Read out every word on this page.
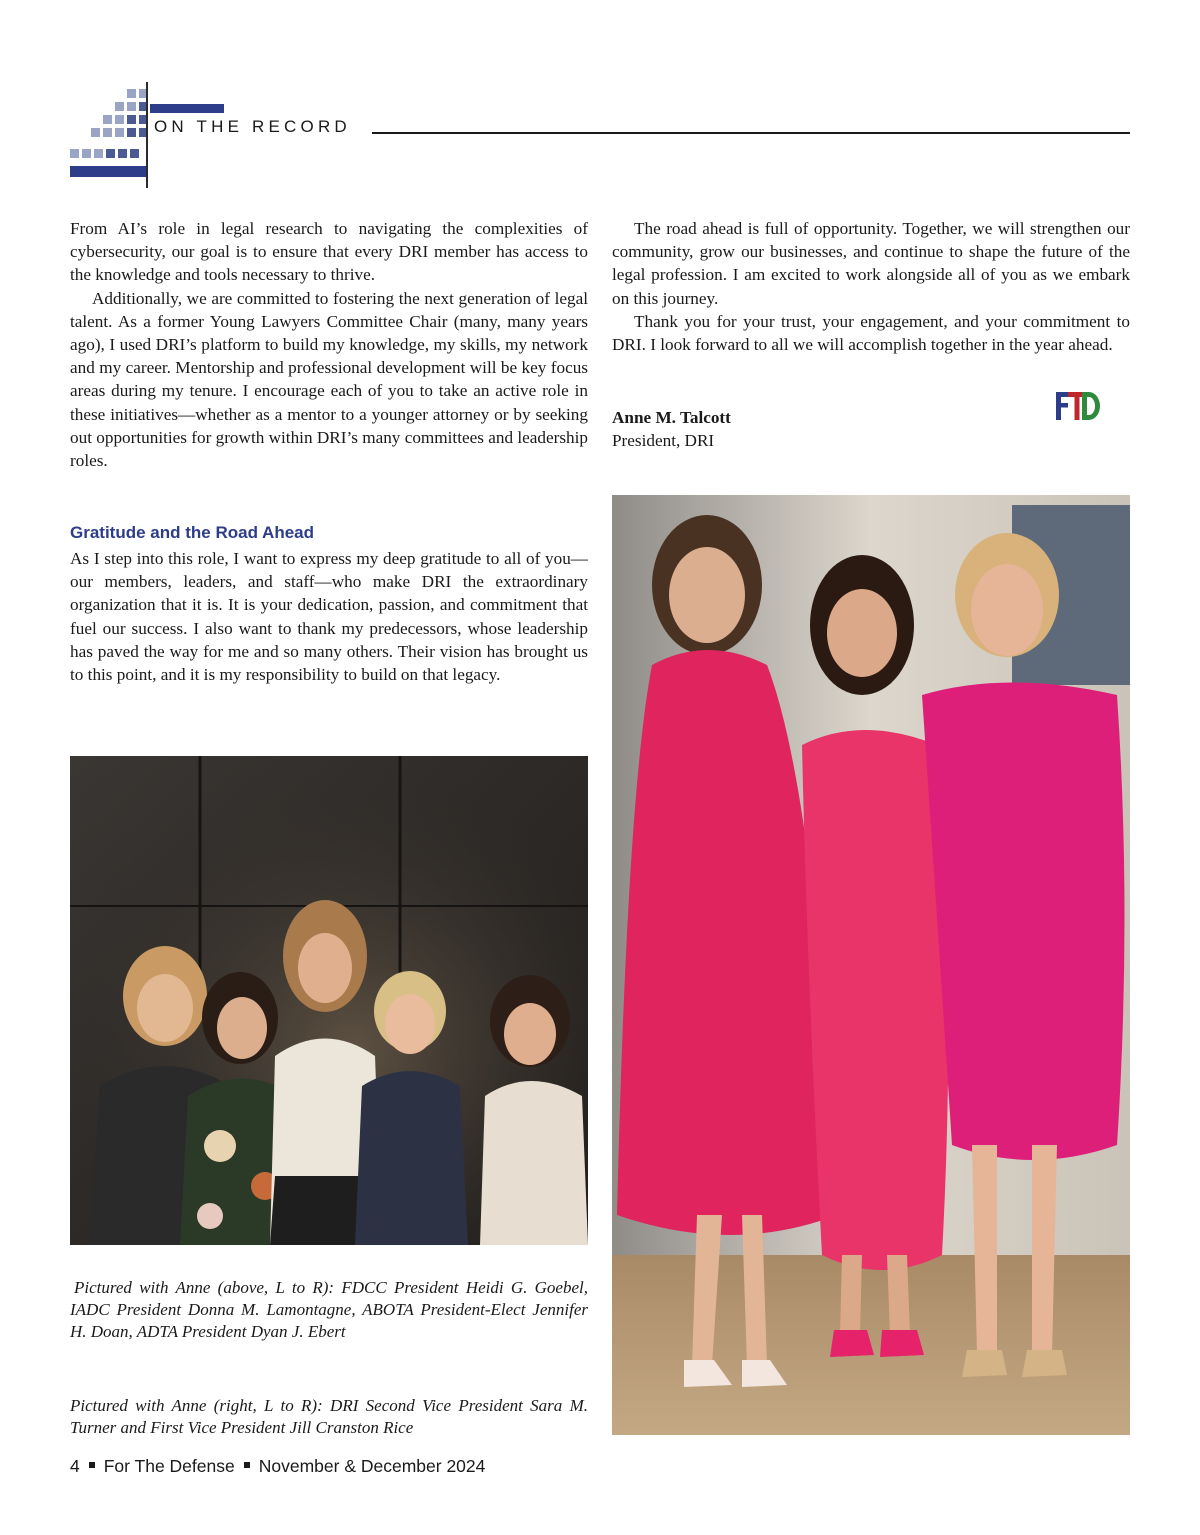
ON THE RECORD

From AI’s role in legal research to navigating the complexities of cybersecurity, our goal is to ensure that every DRI member has access to the knowledge and tools necessary to thrive.

Additionally, we are committed to fostering the next generation of legal talent. As a former Young Lawyers Committee Chair (many, many years ago), I used DRI’s platform to build my knowledge, my skills, my network and my career. Mentorship and professional development will be key focus areas during my tenure. I encourage each of you to take an active role in these initiatives—whether as a mentor to a younger attorney or by seeking out opportunities for growth within DRI’s many committees and leadership roles.

Gratitude and the Road Ahead

As I step into this role, I want to express my deep gratitude to all of you—our members, leaders, and staff—who make DRI the extraordinary organization that it is. It is your dedication, passion, and commitment that fuel our success. I also want to thank my predecessors, whose leadership has paved the way for me and so many others. Their vision has brought us to this point, and it is my responsibility to build on that legacy.

The road ahead is full of opportunity. Together, we will strengthen our community, grow our businesses, and continue to shape the future of the legal profession. I am excited to work alongside all of you as we embark on this journey.

Thank you for your trust, your engagement, and your commitment to DRI. I look forward to all we will accomplish together in the year ahead.

Anne M. Talcott
President, DRI
Pictured with Anne (above, L to R): FDCC President Heidi G. Goebel, IADC President Donna M. Lamontagne, ABOTA President-Elect Jennifer H. Doan, ADTA President Dyan J. Ebert
Pictured with Anne (right, L to R): DRI Second Vice President Sara M. Turner and First Vice President Jill Cranston Rice
4 For The Defense November & December 2024
